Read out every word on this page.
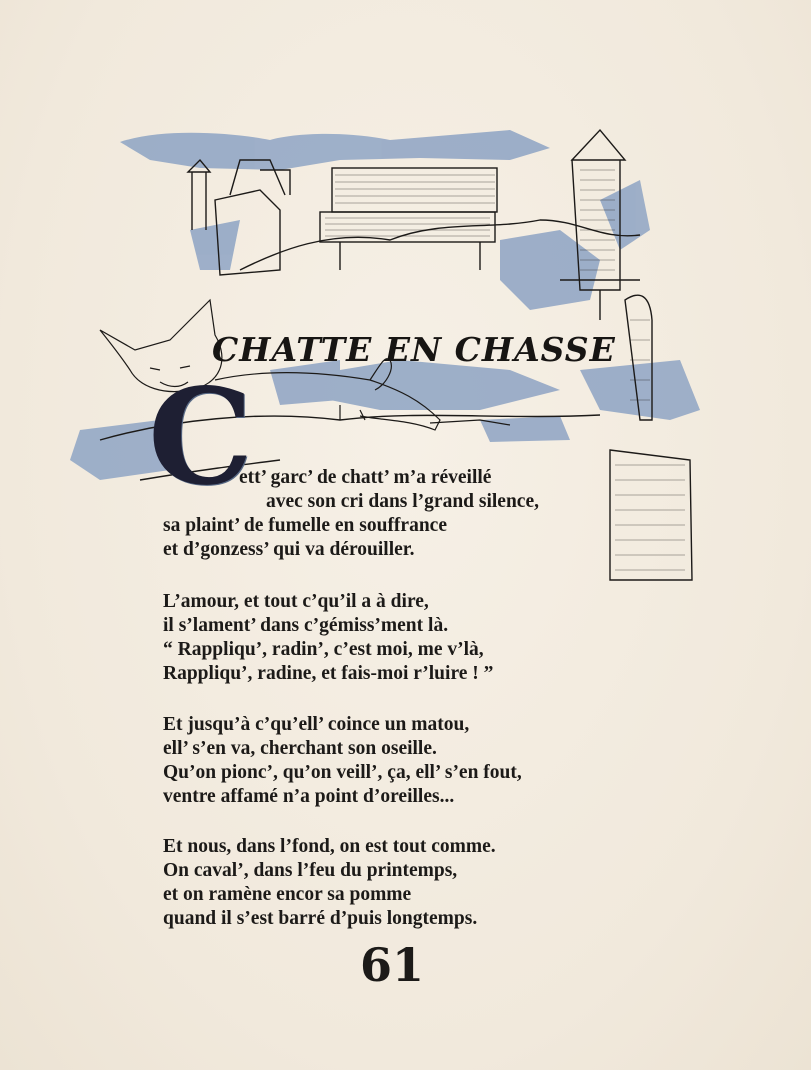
CHATTE EN CHASSE
C
ett’ garc’ de chatt’ m’a réveillé
avec son cri dans l’grand silence,
sa plaint’ de fumelle en souffrance
et d’gonzess’ qui va dérouiller.
L’amour, et tout c’qu’il a à dire,
il s’lament’ dans c’gémiss’ment là.
“ Rappliqu’, radin’, c’est moi, me v’là,
Rappliqu’, radine, et fais-moi r’luire ! ”
Et jusqu’à c’qu’ell’ coince un matou,
ell’ s’en va, cherchant son oseille.
Qu’on pionc’, qu’on veill’, ça, ell’ s’en fout,
ventre affamé n’a point d’oreilles...
Et nous, dans l’fond, on est tout comme.
On caval’, dans l’feu du printemps,
et on ramène encor sa pomme
quand il s’est barré d’puis longtemps.
61
